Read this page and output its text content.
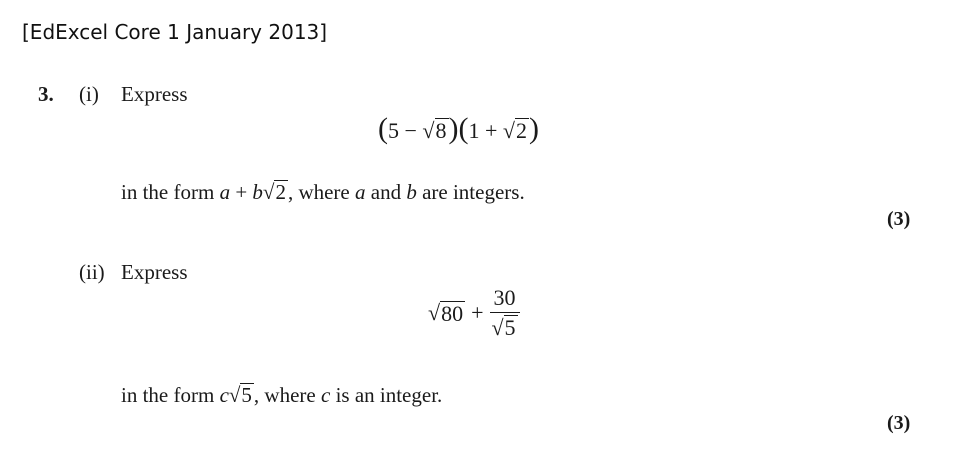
[EdExcel Core 1 January 2013]
3. (i) Express
(5 − √8)(1 + √2)
in the form a + b√2, where a and b are integers.
(3)
(ii) Express
√ $80 + \frac{30}{√5}$
in the form c√5, where c is an integer.
(3)
